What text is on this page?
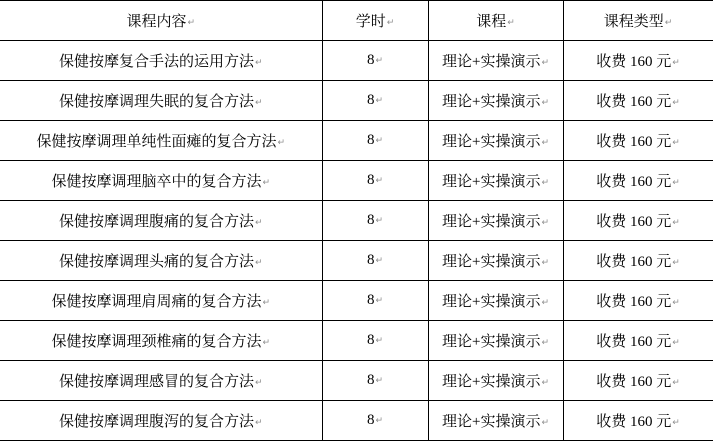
课程内容↵	学时↵	课程↵	课程类型↵
保健按摩复合手法的运用方法↵	8↵	理论+实操演示↵	收费 160 元↵
保健按摩调理失眠的复合方法↵	8↵	理论+实操演示↵	收费 160 元↵
保健按摩调理单纯性面瘫的复合方法↵	8↵	理论+实操演示↵	收费 160 元↵
保健按摩调理脑卒中的复合方法↵	8↵	理论+实操演示↵	收费 160 元↵
保健按摩调理腹痛的复合方法↵	8↵	理论+实操演示↵	收费 160 元↵
保健按摩调理头痛的复合方法↵	8↵	理论+实操演示↵	收费 160 元↵
保健按摩调理肩周痛的复合方法↵	8↵	理论+实操演示↵	收费 160 元↵
保健按摩调理颈椎痛的复合方法↵	8↵	理论+实操演示↵	收费 160 元↵
保健按摩调理感冒的复合方法↵	8↵	理论+实操演示↵	收费 160 元↵
保健按摩调理腹泻的复合方法↵	8↵	理论+实操演示↵	收费 160 元↵
